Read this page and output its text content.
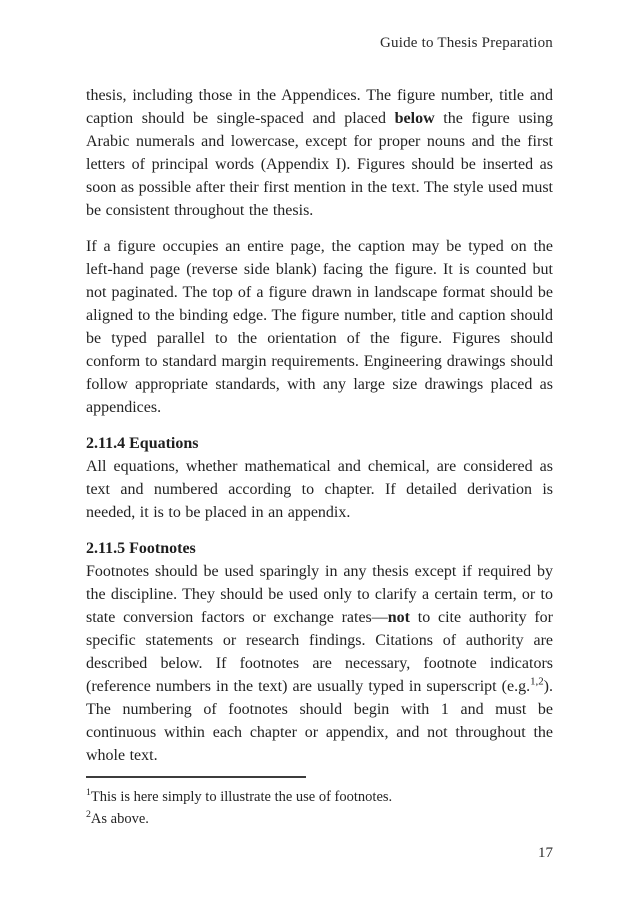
Guide to Thesis Preparation

thesis, including those in the Appendices. The figure number, title and caption should be single-spaced and placed below the figure using Arabic numerals and lowercase, except for proper nouns and the first letters of principal words (Appendix I). Figures should be inserted as soon as possible after their first mention in the text. The style used must be consistent throughout the thesis.

If a figure occupies an entire page, the caption may be typed on the left-hand page (reverse side blank) facing the figure. It is counted but not paginated. The top of a figure drawn in landscape format should be aligned to the binding edge. The figure number, title and caption should be typed parallel to the orientation of the figure. Figures should conform to standard margin requirements. Engineering drawings should follow appropriate standards, with any large size drawings placed as appendices.

2.11.4 Equations

All equations, whether mathematical and chemical, are considered as text and numbered according to chapter. If detailed derivation is needed, it is to be placed in an appendix.

2.11.5 Footnotes

Footnotes should be used sparingly in any thesis except if required by the discipline. They should be used only to clarify a certain term, or to state conversion factors or exchange rates—not to cite authority for specific statements or research findings. Citations of authority are described below. If footnotes are necessary, footnote indicators (reference numbers in the text) are usually typed in superscript (e.g.$^{1,2}$). The numbering of footnotes should begin with 1 and must be continuous within each chapter or appendix, and not throughout the whole text.

$^1$This is here simply to illustrate the use of footnotes.

$^2$As above.

17
